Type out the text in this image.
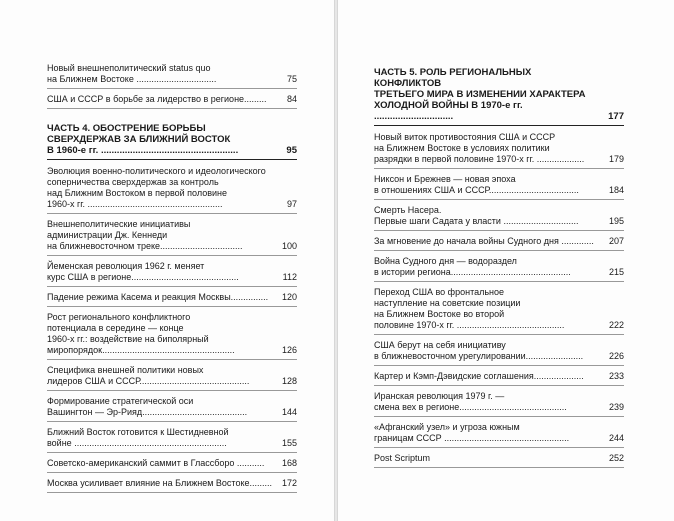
Новый внешнеполитический status quo
на Ближнем Востоке ................................	75
США и СССР в борьбе за лидерство в регионе.........	84
ЧАСТЬ 4. ОБОСТРЕНИЕ БОРЬБЫ
СВЕРХДЕРЖАВ ЗА БЛИЖНИЙ ВОСТОК
В 1960-е гг. ....................................................	95
Эволюция военно-политического и идеологического
соперничества сверхдержав за контроль
над Ближним Востоком в первой половине
1960-х гг. ......................................................	97
Внешнеполитические инициативы
администрации Дж. Кеннеди
на ближневосточном треке.................................	100
Йеменская революция 1962 г. меняет
курс США в регионе...........................................	112
Падение режима Касема и реакция Москвы...............	120
Рост регионального конфликтного
потенциала в середине — конце
1960-х гг.: воздействие на биполярный
миропорядок.....................................................	126
Специфика внешней политики новых
лидеров США и СССР............................................	128
Формирование стратегической оси
Вашингтон — Эр-Рияд..........................................	144
Ближний Восток готовится к Шестидневной
войне .............................................................	155
Советско-американский саммит в Глассборо ...........	168
Москва усиливает влияние на Ближнем Востоке.........	172
ЧАСТЬ 5. РОЛЬ РЕГИОНАЛЬНЫХ КОНФЛИКТОВ
ТРЕТЬЕГО МИРА В ИЗМЕНЕНИИ ХАРАКТЕРА
ХОЛОДНОЙ ВОЙНЫ В 1970-е гг. ..............................	177
Новый виток противостояния США и СССР
на Ближнем Востоке в условиях политики
разрядки в первой половине 1970-х гг. ...................	179
Никсон и Брежнев — новая эпоха
в отношениях США и СССР....................................	184
Смерть Насера.
Первые шаги Садата у власти ..............................	195
За мгновение до начала войны Судного дня .............	207
Война Судного дня — водораздел
в истории региона................................................	215
Переход США во фронтальное
наступление на советские позиции
на Ближнем Востоке во второй
половине 1970-х гг. ...........................................	222
США берут на себя инициативу
в ближневосточном урегулировании.......................	226
Картер и Кэмп-Дэвидские соглашения....................	233
Иранская революция 1979 г. —
смена вех в регионе...........................................	239
«Афганский узел» и угроза южным
границам СССР ..................................................	244
Post Scriptum	252
